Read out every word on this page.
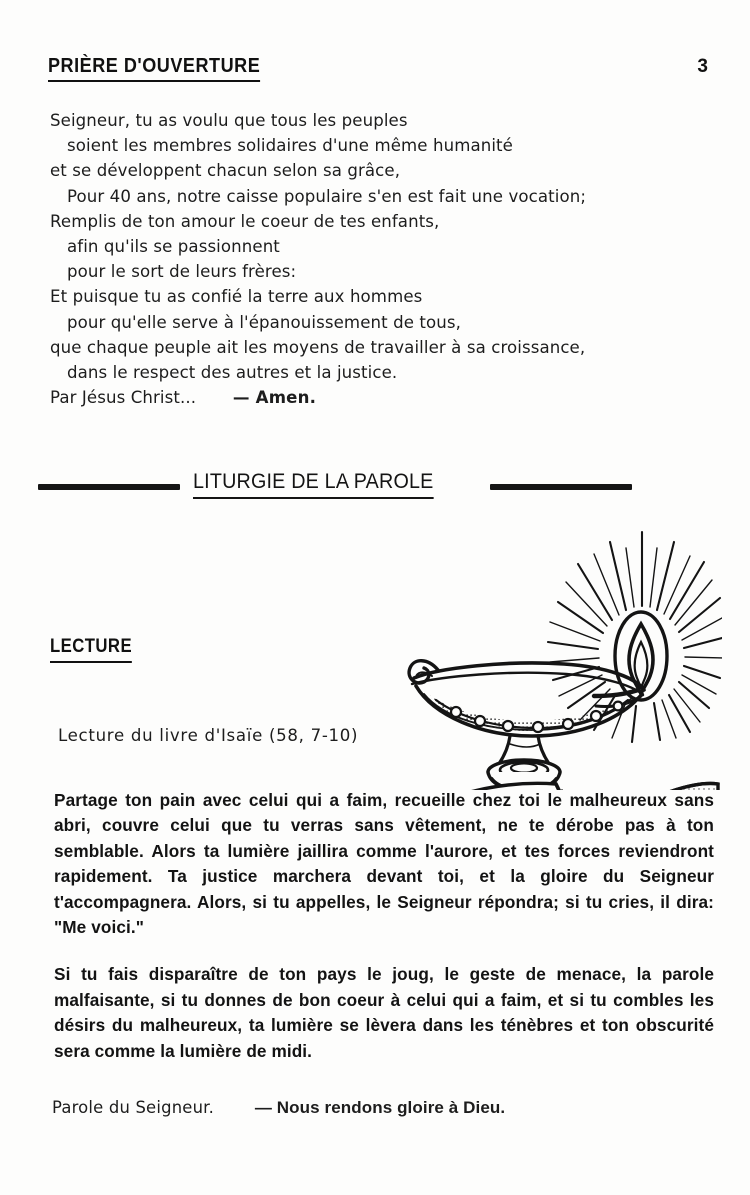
PRIÈRE D'OUVERTURE	3
Seigneur, tu as voulu que tous les peuples
soient les membres solidaires d'une même humanité
et se développent chacun selon sa grâce,
Pour 40 ans, notre caisse populaire s'en est fait une vocation;
Remplis de ton amour le coeur de tes enfants,
afin qu'ils se passionnent
pour le sort de leurs frères:
Et puisque tu as confié la terre aux hommes
pour qu'elle serve à l'épanouissement de tous,
que chaque peuple ait les moyens de travailler à sa croissance,
dans le respect des autres et la justice.
Par Jésus Christ... — Amen.
LITURGIE DE LA PAROLE
LECTURE
Lecture du livre d'Isaïe (58, 7-10)

Partage ton pain avec celui qui a faim, recueille chez toi le malheureux sans abri, couvre celui que tu verras sans vêtement, ne te dérobe pas à ton semblable. Alors ta lumière jaillira comme l'aurore, et tes forces reviendront rapidement. Ta justice marchera devant toi, et la gloire du Seigneur t'accompagnera. Alors, si tu appelles, le Seigneur répondra; si tu cries, il dira: "Me voici."

Si tu fais disparaître de ton pays le joug, le geste de menace, la parole malfaisante, si tu donnes de bon coeur à celui qui a faim, et si tu combles les désirs du malheureux, ta lumière se lèvera dans les ténèbres et ton obscurité sera comme la lumière de midi.

Parole du Seigneur. — Nous rendons gloire à Dieu.
